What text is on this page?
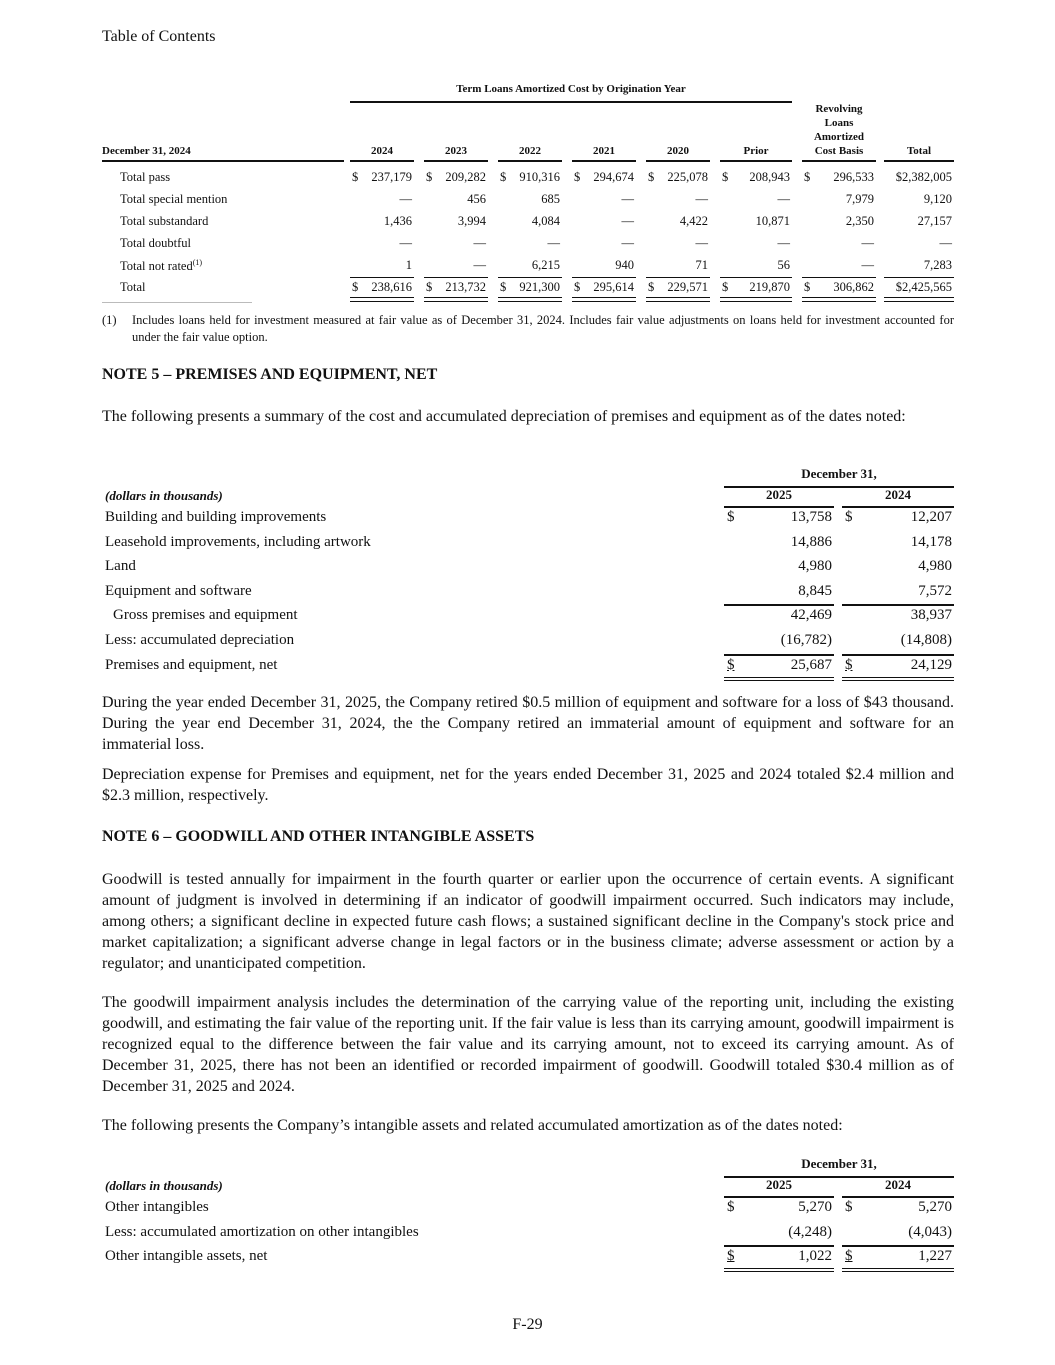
Table of Contents
Term Loans Amortized Cost by Origination Year
December 31, 2024	2024	2023	2022	2021	2020	Prior
Revolving
Loans
Amortized
Cost Basis	Total
Total pass	$ 237,179 $ 209,282 $ 910,316 $ 294,674 $ 225,078 $ 208,943 $ 296,533	$2,382,005
Total special mention	—	456	685	—	—	—	7,979	9,120
Total substandard	1,436	3,994	4,084	—	4,422	10,871	2,350	27,157
Total doubtful	—	—	—	—	—	—	—	—
Total not rated$^{(1)}$	1	—	6,215	940	71	56	—	7,283
Total	$ 238,616 $ 213,732 $ 921,300 $ 295,614 $ 229,571 $ 219,870 $ 306,862	$2,425,565
(1) Includes loans held for investment measured at fair value as of December 31, 2024. Includes fair value adjustments on loans held for investment accounted for under the fair value option.
NOTE 5 – PREMISES AND EQUIPMENT, NET
The following presents a summary of the cost and accumulated depreciation of premises and equipment as of the dates noted:
December 31,
(dollars in thousands)	2025	2024
Building and building improvements	$	13,758 $	12,207
Leasehold improvements, including artwork	14,886	14,178
Land	4,980	4,980
Equipment and software	8,845	7,572
Gross premises and equipment	42,469	38,937
Less: accumulated depreciation	(16,782)	(14,808)
Premises and equipment, net	$	25,687 $	24,129
During the year ended December 31, 2025, the Company retired $0.5 million of equipment and software for a loss of $43 thousand. During the year end December 31, 2024, the the Company retired an immaterial amount of equipment and software for an immaterial loss.
Depreciation expense for Premises and equipment, net for the years ended December 31, 2025 and 2024 totaled $2.4 million and $2.3 million, respectively.
NOTE 6 – GOODWILL AND OTHER INTANGIBLE ASSETS
Goodwill is tested annually for impairment in the fourth quarter or earlier upon the occurrence of certain events. A significant amount of judgment is involved in determining if an indicator of goodwill impairment occurred. Such indicators may include, among others; a significant decline in expected future cash flows; a sustained significant decline in the Company's stock price and market capitalization; a significant adverse change in legal factors or in the business climate; adverse assessment or action by a regulator; and unanticipated competition.
The goodwill impairment analysis includes the determination of the carrying value of the reporting unit, including the existing goodwill, and estimating the fair value of the reporting unit. If the fair value is less than its carrying amount, goodwill impairment is recognized equal to the difference between the fair value and its carrying amount, not to exceed its carrying amount. As of December 31, 2025, there has not been an identified or recorded impairment of goodwill. Goodwill totaled $30.4 million as of December 31, 2025 and 2024.
The following presents the Company’s intangible assets and related accumulated amortization as of the dates noted:
December 31,
(dollars in thousands)	2025	2024
Other intangibles	$	5,270 $	5,270
Less: accumulated amortization on other intangibles	(4,248)	(4,043)
Other intangible assets, net	$	1,022 $	1,227
F-29
